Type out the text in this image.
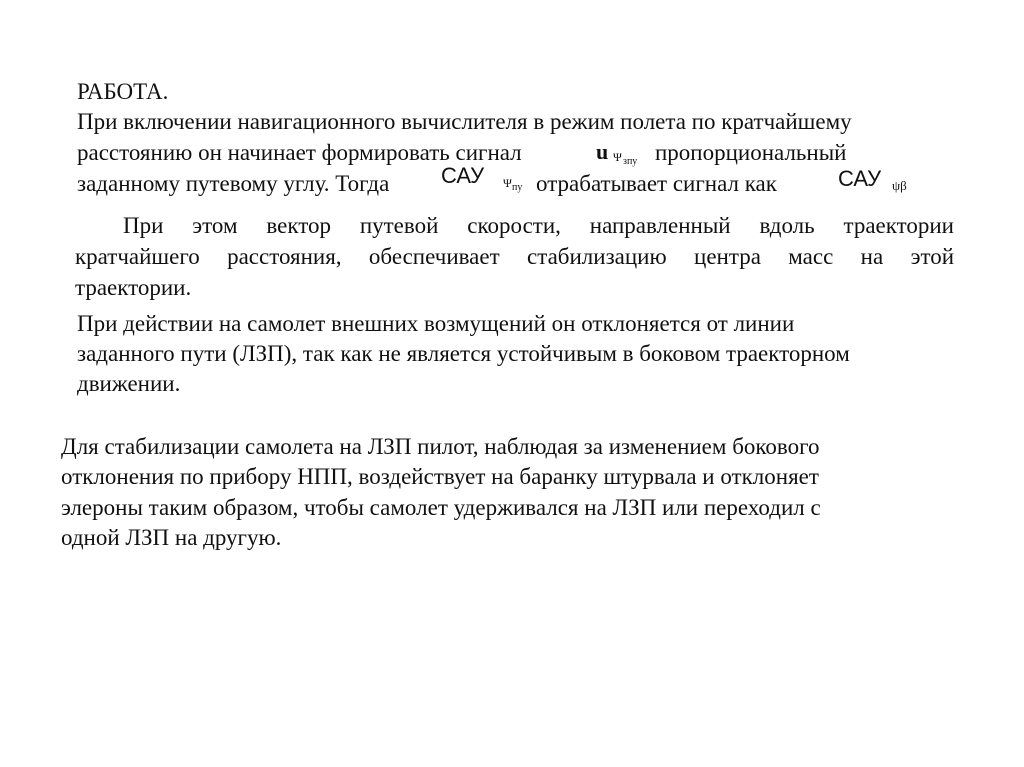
РАБОТА.
При включении навигационного вычислителя в режим полета по кратчайшему
расстоянию он начинает формировать сигнал	u Ψ зпу пропорциональный
заданному путевому углу. Тогда САУ Ψ пу отрабатывает сигнал как	САУ ψβ
При этом вектор путевой скорости, направленный вдоль траектории
кратчайшего расстояния, обеспечивает стабилизацию центра масс на этой
траектории.
При действии на самолет внешних возмущений он отклоняется от линии
заданного пути (ЛЗП), так как не является устойчивым в боковом траекторном
движении.
Для стабилизации самолета на ЛЗП пилот, наблюдая за изменением бокового
отклонения по прибору НПП, воздействует на баранку штурвала и отклоняет
элероны таким образом, чтобы самолет удерживался на ЛЗП или переходил с
одной ЛЗП на другую.
